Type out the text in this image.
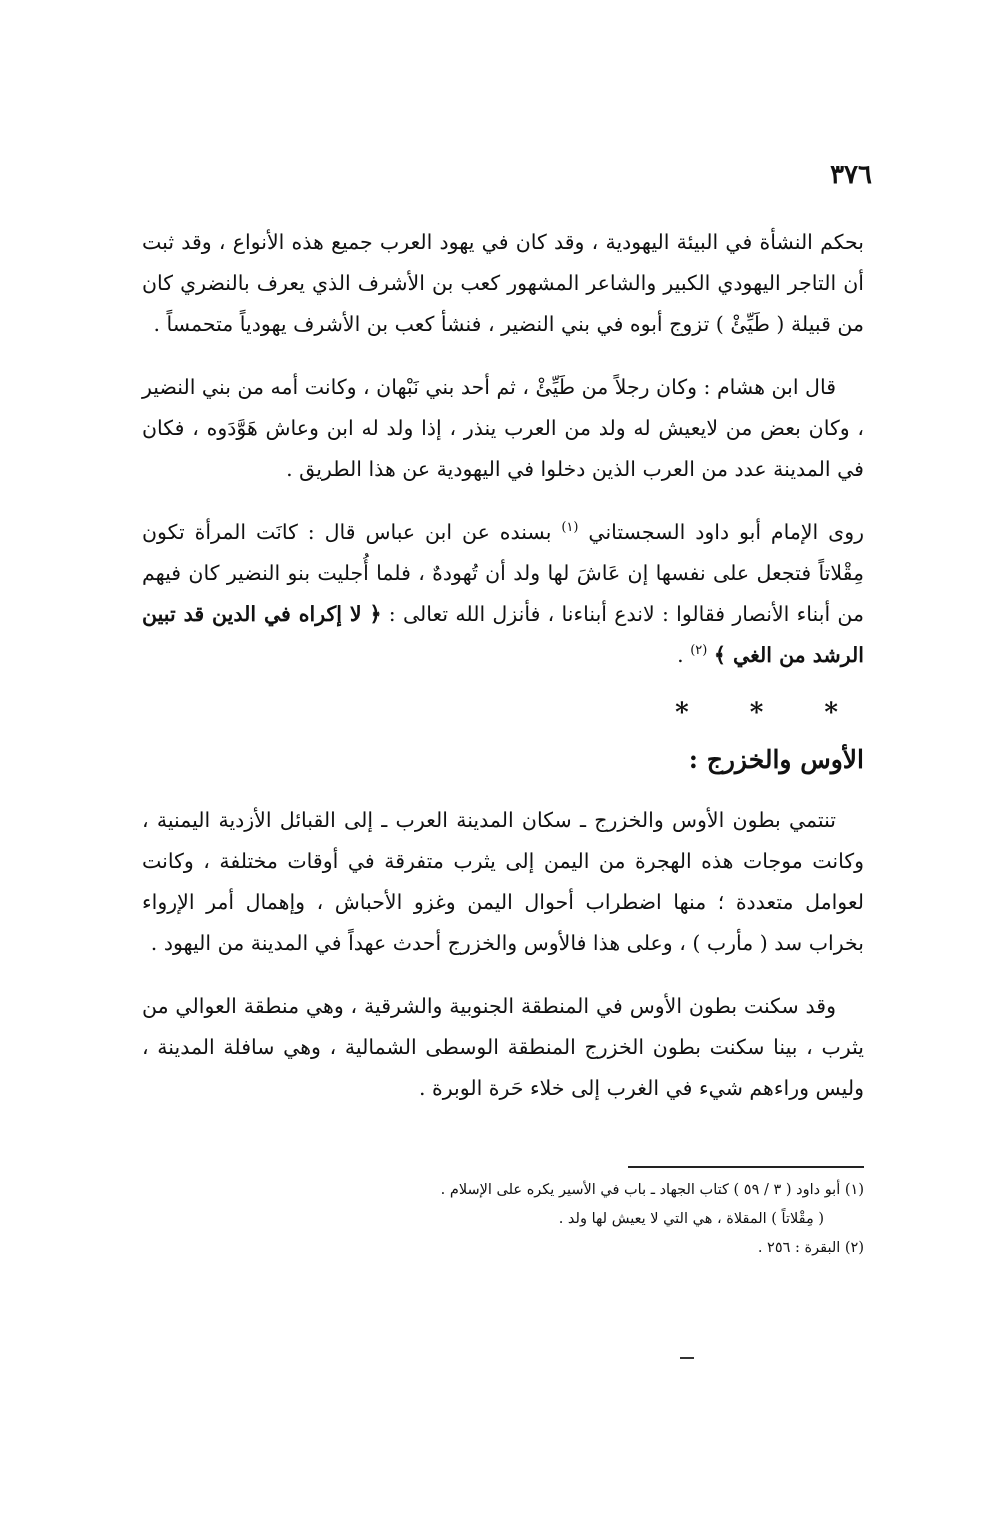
٣٧٦

بحكم النشأة في البيئة اليهودية ، وقد كان في يهود العرب جميع هذه الأنواع ، وقد ثبت أن التاجر اليهودي الكبير والشاعر المشهور كعب بن الأشرف الذي يعرف بالنضري كان من قبيلة ( طَيِّئْ ) تزوج أبوه في بني النضير ، فنشأ كعب بن الأشرف يهودياً متحمساً .

قال ابن هشام : وكان رجلاً من طَيِّئْ ، ثم أحد بني نَبْهان ، وكانت أمه من بني النضير ، وكان بعض من لايعيش له ولد من العرب ينذر ، إذا ولد له ابن وعاش هَوَّدَوه ، فكان في المدينة عدد من العرب الذين دخلوا في اليهودية عن هذا الطريق .

روى الإمام أبو داود السجستاني $^{(١)}$ بسنده عن ابن عباس قال : كانَت المرأة تكون مِقْلاتاً فتجعل على نفسها إن عَاشَ لها ولد أن تُهودهٌ ، فلما أُجليت بنو النضير كان فيهم من أبناء الأنصار فقالوا : لاندع أبناءنا ، فأنزل الله تعالى : ﴿ لا إكراه في الدين قد تبين الرشد من الغي ﴾ $^{(٢)}$ .

* * *
الأوس والخزرج :

تنتمي بطون الأوس والخزرج ـ سكان المدينة العرب ـ إلى القبائل الأزدية اليمنية ، وكانت موجات هذه الهجرة من اليمن إلى يثرب متفرقة في أوقات مختلفة ، وكانت لعوامل متعددة ؛ منها اضطراب أحوال اليمن وغزو الأحباش ، وإهمال أمر الإرواء بخراب سد ( مأرب ) ، وعلى هذا فالأوس والخزرج أحدث عهداً في المدينة من اليهود .

وقد سكنت بطون الأوس في المنطقة الجنوبية والشرقية ، وهي منطقة العوالي من يثرب ، بينا سكنت بطون الخزرج المنطقة الوسطى الشمالية ، وهي سافلة المدينة ، وليس وراءهم شيء في الغرب إلى خلاء حَرة الوبرة .

(١) أبو داود ( ٣ / ٥٩ ) كتاب الجهاد ـ باب في الأسير يكره على الإسلام .

( مِقْلاتاً ) المقلاة ، هي التي لا يعيش لها ولد .

(٢) البقرة : ٢٥٦ .
